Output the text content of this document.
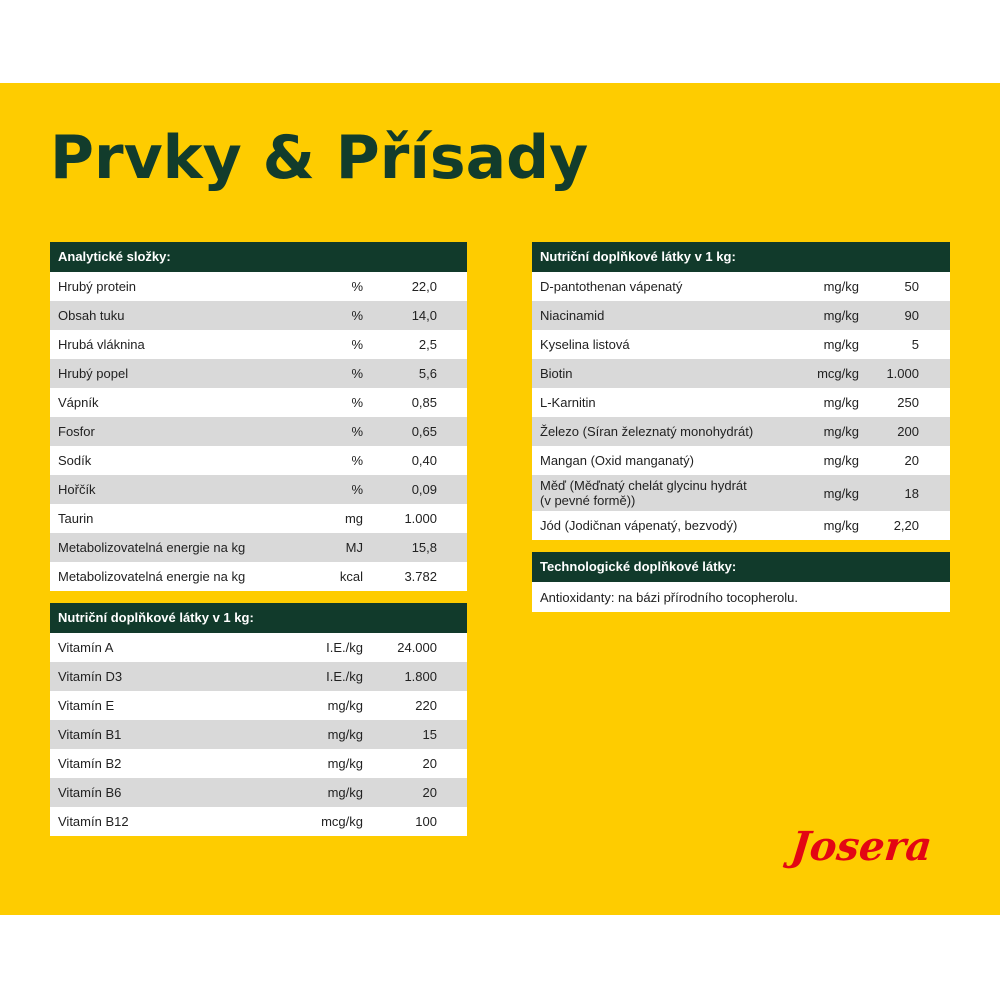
Prvky & Přísady
Analytické složky:
Hrubý protein	%	22,0
Obsah tuku	%	14,0
Hrubá vláknina	%	2,5
Hrubý popel	%	5,6
Vápník	%	0,85
Fosfor	%	0,65
Sodík	%	0,40
Hořčík	%	0,09
Taurin	mg	1.000
Metabolizovatelná energie na kg	MJ	15,8
Metabolizovatelná energie na kg	kcal	3.782
Nutriční doplňkové látky v 1 kg:
Vitamín A	I.E./kg	24.000
Vitamín D3	I.E./kg	1.800
Vitamín E	mg/kg	220
Vitamín B1	mg/kg	15
Vitamín B2	mg/kg	20
Vitamín B6	mg/kg	20
Vitamín B12	mcg/kg	100
Nutriční doplňkové látky v 1 kg:
D-pantothenan vápenatý	mg/kg	50
Niacinamid	mg/kg	90
Kyselina listová	mg/kg	5
Biotin	mcg/kg	1.000
L-Karnitin	mg/kg	250
Železo (Síran železnatý monohydrát)	mg/kg	200
Mangan (Oxid manganatý)	mg/kg	20
Měď (Měďnatý chelát glycinu hydrát (v pevné formě))	mg/kg	18
Jód (Jodičnan vápenatý, bezvodý)	mg/kg	2,20
Technologické doplňkové látky:
Antioxidanty: na bázi přírodního tocopherolu.
Josera
